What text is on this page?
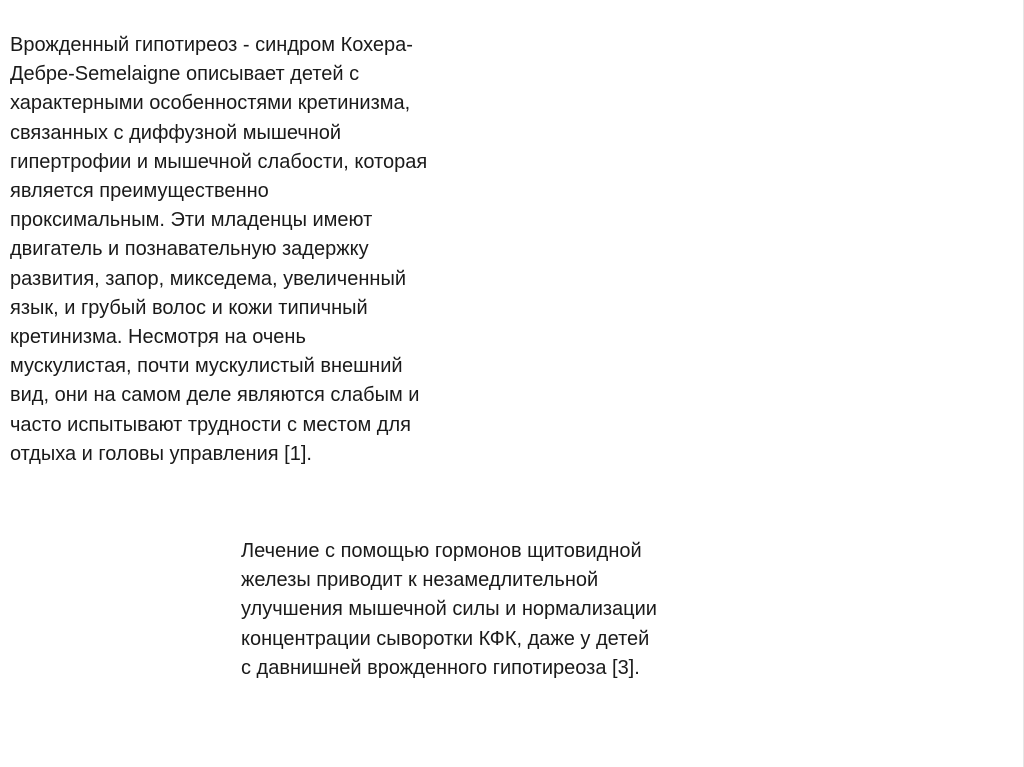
Врожденный гипотиреоз - синдром Кохера-
Дебре-Semelaigne описывает детей с
характерными особенностями кретинизма,
связанных с диффузной мышечной
гипертрофии и мышечной слабости, которая
является преимущественно
проксимальным. Эти младенцы имеют
двигатель и познавательную задержку
развития, запор, микседема, увеличенный
язык, и грубый волос и кожи типичный
кретинизма. Несмотря на очень
мускулистая, почти мускулистый внешний
вид, они на самом деле являются слабым и
часто испытывают трудности с местом для
отдыха и головы управления [1].
Лечение с помощью гормонов щитовидной
железы приводит к незамедлительной
улучшения мышечной силы и нормализации
концентрации сыворотки КФК, даже у детей
с давнишней врожденного гипотиреоза [3].
